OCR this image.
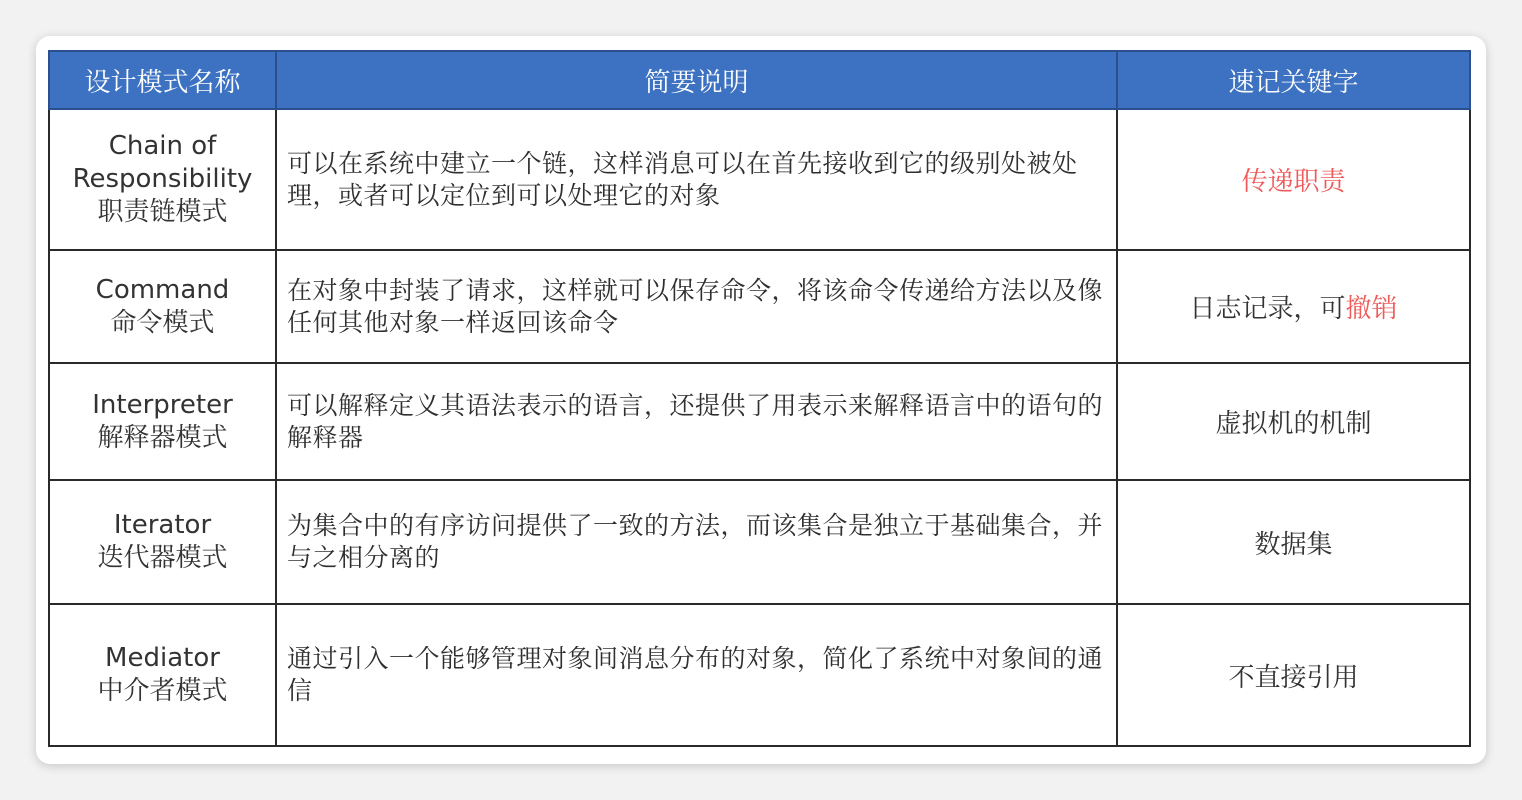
设计模式名称	简要说明	速记关键字

Chain of Responsibility
职责链模式	可以在系统中建立一个链，这样消息可以在首先接收到它的级别处被处理，或者可以定位到可以处理它的对象	传递职责

Command
命令模式	在对象中封装了请求，这样就可以保存命令，将该命令传递给方法以及像任何其他对象一样返回该命令	日志记录，可撤销

Interpreter
解释器模式	可以解释定义其语法表示的语言，还提供了用表示来解释语言中的语句的解释器	虚拟机的机制

Iterator
迭代器模式	为集合中的有序访问提供了一致的方法，而该集合是独立于基础集合，并与之相分离的	数据集

Mediator
中介者模式	通过引入一个能够管理对象间消息分布的对象，简化了系统中对象间的通信	不直接引用
